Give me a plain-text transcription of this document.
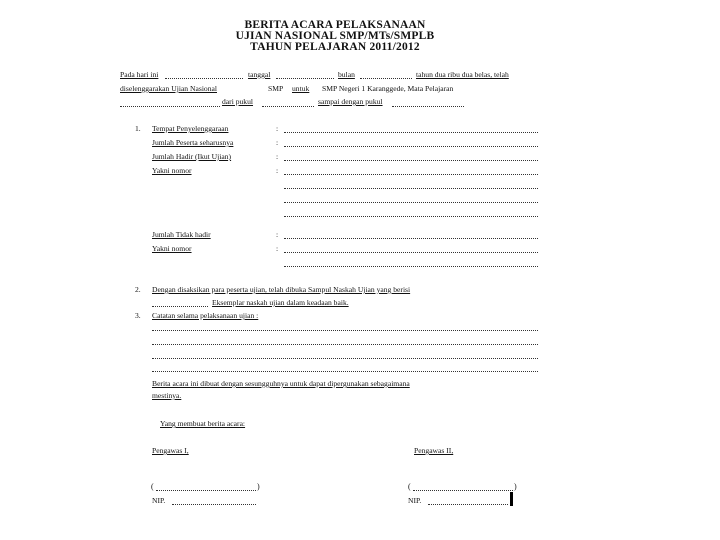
BERITA ACARA PELAKSANAAN
UJIAN NASIONAL SMP/MTs/SMPLB
TAHUN PELAJARAN 2011/2012
Pada hari ini	tanggal	bulan	tahun dua ribu dua belas, telah
diselenggarakan Ujian Nasional	SMP untuk SMP Negeri 1 Karanggede, Mata Pelajaran
dari pukul	sampai dengan pukul
1. Tempat Penyelenggaraan	:
Jumlah Peserta seharusnya	:
Jumlah Hadir (Ikut Ujian)	:
Yakni nomor	:
Jumlah Tidak hadir	:
Yakni nomor	:
2. Dengan disaksikan para peserta ujian, telah dibuka Sampul Naskah Ujian yang berisi
Eksemplar naskah ujian dalam keadaan baik.
3. Catatan selama pelaksanaan ujian :
Berita acara ini dibuat dengan sesungguhnya untuk dapat dipergunakan sebagaimana
mestinya.
Yang membuat berita acara:
Pengawas I,	Pengawas II,
(	)	(	)
NIP.	NIP.
